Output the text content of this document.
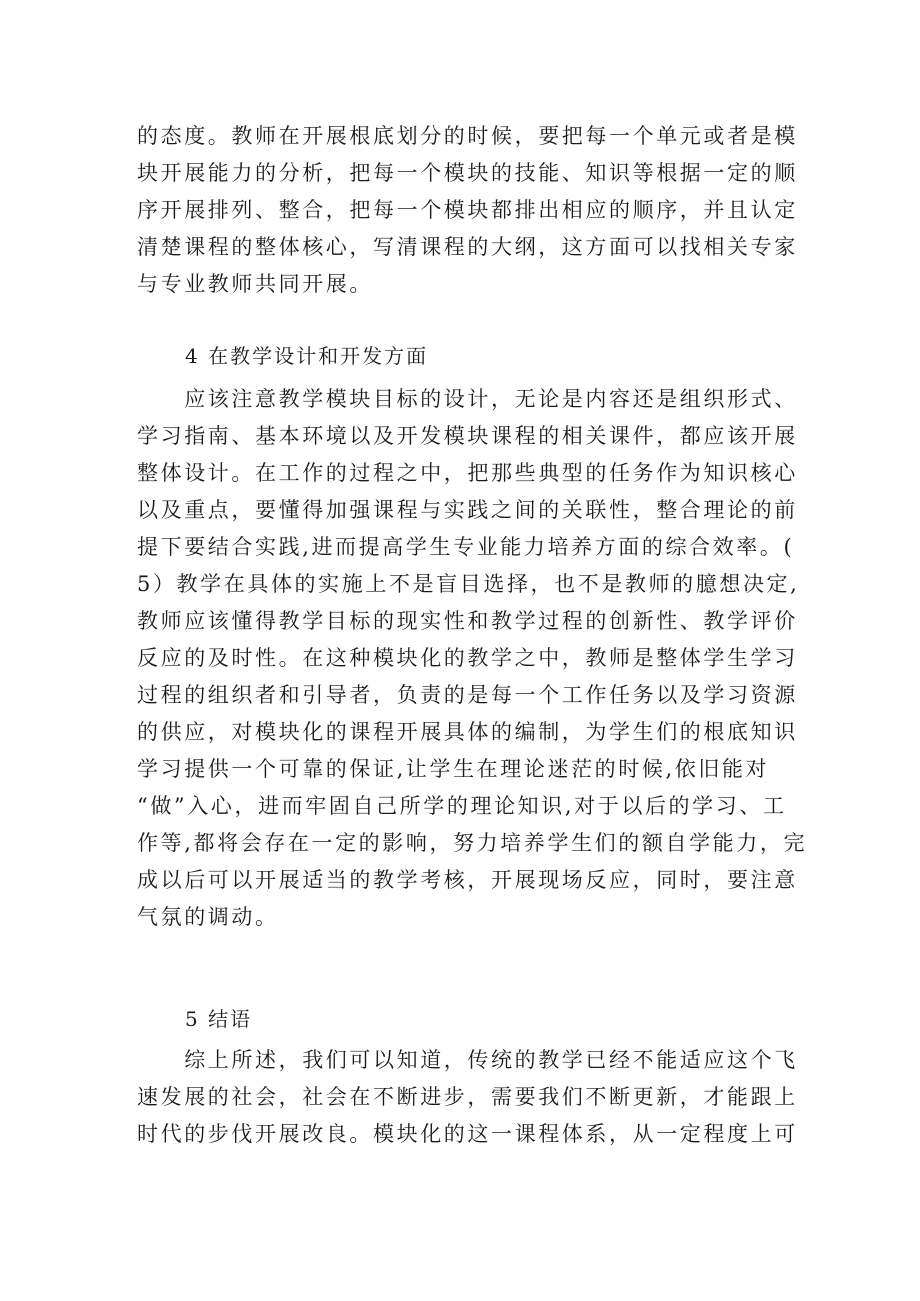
的态度。教师在开展根底划分的时候，要把每一个单元或者是模
块开展能力的分析，把每一个模块的技能、知识等根据一定的顺
序开展排列、整合，把每一个模块都排出相应的顺序，并且认定
清楚课程的整体核心，写清课程的大纲，这方面可以找相关专家
与专业教师共同开展。
4 在教学设计和开发方面
　　应该注意教学模块目标的设计，无论是内容还是组织形式、
学习指南、基本环境以及开发模块课程的相关课件，都应该开展
整体设计。在工作的过程之中，把那些典型的任务作为知识核心
以及重点，要懂得加强课程与实践之间的关联性，整合理论的前
提下要结合实践,进而提高学生专业能力培养方面的综合效率。(
5）教学在具体的实施上不是盲目选择，也不是教师的臆想决定,
教师应该懂得教学目标的现实性和教学过程的创新性、教学评价
反应的及时性。在这种模块化的教学之中，教师是整体学生学习
过程的组织者和引导者，负责的是每一个工作任务以及学习资源
的供应，对模块化的课程开展具体的编制，为学生们的根底知识
学习提供一个可靠的保证,让学生在理论迷茫的时候,依旧能对
“做”入心，进而牢固自己所学的理论知识,对于以后的学习、工
作等,都将会存在一定的影响，努力培养学生们的额自学能力，完
成以后可以开展适当的教学考核，开展现场反应，同时，要注意
气氛的调动。
5 结语
　　综上所述，我们可以知道，传统的教学已经不能适应这个飞
速发展的社会，社会在不断进步，需要我们不断更新，才能跟上
时代的步伐开展改良。模块化的这一课程体系，从一定程度上可
